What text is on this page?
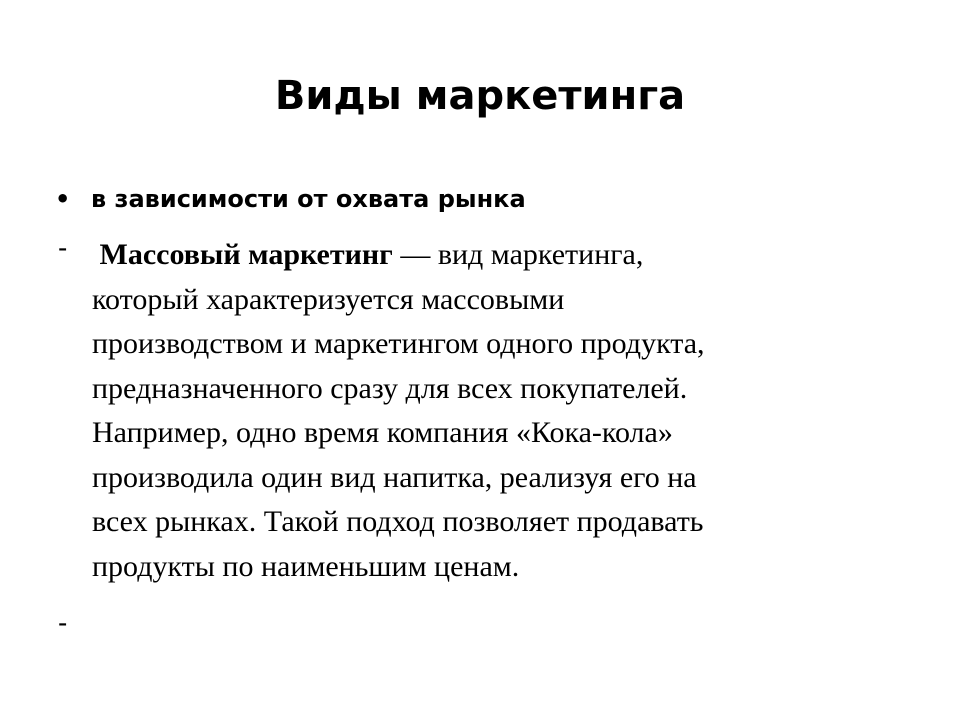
Виды маркетинга
• в зависимости от охвата рынка
- Массовый маркетинг — вид маркетинга,
который характеризуется массовыми
производством и маркетингом одного продукта,
предназначенного сразу для всех покупателей.
Например, одно время компания «Кока-кола»
производила один вид напитка, реализуя его на
всех рынках. Такой подход позволяет продавать
продукты по наименьшим ценам.
-
